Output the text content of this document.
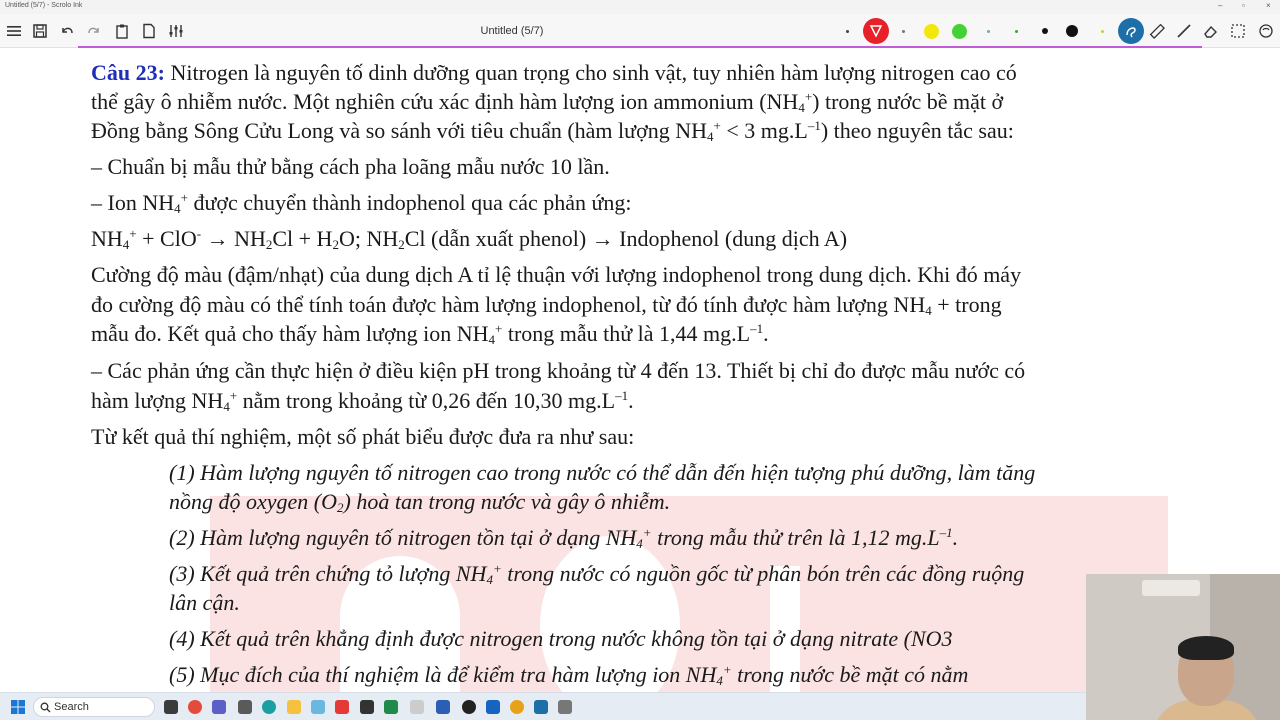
Untitled (5/7) - Scrolo Ink	– ▫	×
Untitled (5/7)
Câu 23: Nitrogen là nguyên tố dinh dưỡng quan trọng cho sinh vật, tuy nhiên hàm lượng nitrogen cao có
thể gây ô nhiễm nước. Một nghiên cứu xác định hàm lượng ion ammonium $(NH_4^+)$ trong nước bề mặt ở
Đồng bằng Sông Cửu Long và so sánh với tiêu chuẩn (hàm lượng $NH_4^+ < 3$ $mg.L^{-1}$) theo nguyên tắc sau:
– Chuẩn bị mẫu thử bằng cách pha loãng mẫu nước 10 lần.
– Ion $NH_4^+$ được chuyển thành indophenol qua các phản ứng:
$NH_4^+ + ClO^- \to NH_2Cl + H_2O$; $NH_2Cl$ (dẫn xuất phenol) → Indophenol (dung dịch A)
Cường độ màu (đậm/nhạt) của dung dịch A tỉ lệ thuận với lượng indophenol trong dung dịch. Khi đó máy
đo cường độ màu có thể tính toán được hàm lượng indophenol, từ đó tính được hàm lượng $NH_4$ + trong
mẫu đo. Kết quả cho thấy hàm lượng ion $NH_4^+$ trong mẫu thử là 1,44 $mg.L^{-1}$.
– Các phản ứng cần thực hiện ở điều kiện pH trong khoảng từ 4 đến 13. Thiết bị chỉ đo được mẫu nước có
hàm lượng $NH_4^+$ nằm trong khoảng từ 0,26 đến 10,30 $mg.L^{-1}$.
Từ kết quả thí nghiệm, một số phát biểu được đưa ra như sau:
(1) Hàm lượng nguyên tố nitrogen cao trong nước có thể dẫn đến hiện tượng phú dưỡng, làm tăng
nồng độ oxygen $(O_2)$ hoà tan trong nước và gây ô nhiễm.
(2) Hàm lượng nguyên tố nitrogen tồn tại ở dạng $NH_4^+$ trong mẫu thử trên là 1,12 $mg.L^{-1}$.
(3) Kết quả trên chứng tỏ lượng $NH_4^+$ trong nước có nguồn gốc từ phân bón trên các đồng ruộng
lân cận.
(4) Kết quả trên khẳng định được nitrogen trong nước không tồn tại ở dạng nitrate (NO3
(5) Mục đích của thí nghiệm là để kiểm tra hàm lượng ion $NH_4^+$ trong nước bề mặt có nằm
Search
